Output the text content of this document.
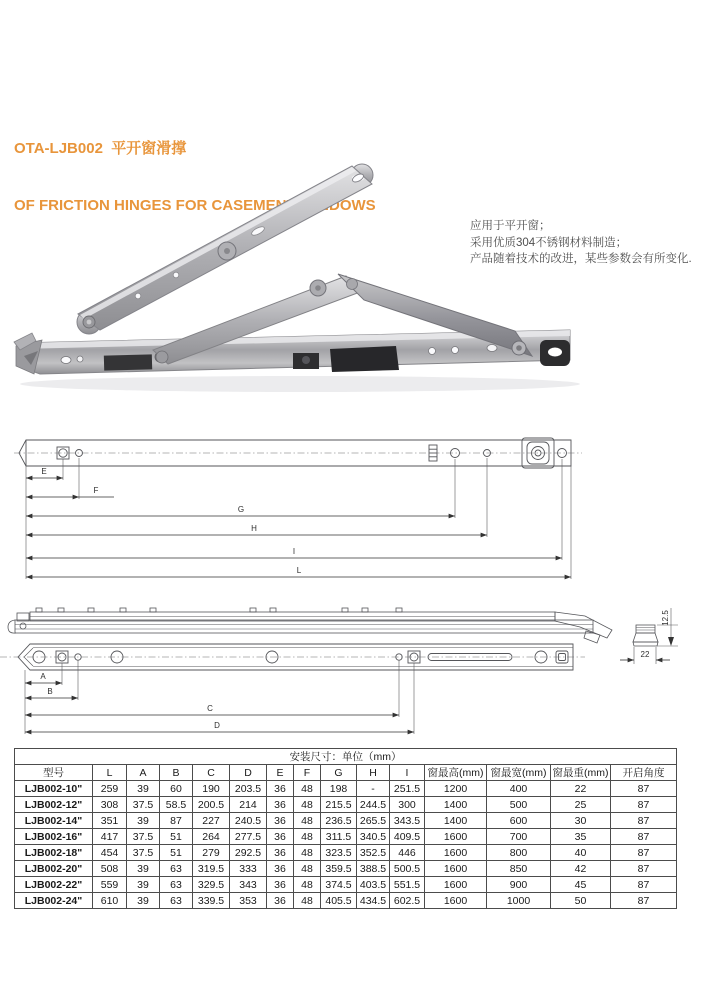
OTA-LJB002  平开窗滑撑

OF FRICTION HINGES FOR CASEMENT WINDOWS

应用于平开窗；
采用优质304不锈钢材料制造；
产品随着技术的改进，某些参数会有所变化.
E
F
G
H
I
L
A
B
C
D
12.5
22
安装尺寸：单位（mm）														
型号	L	A	B	C	D	E	F	G	H	I	窗最高(mm)	窗最宽(mm)	窗最重(mm)	开启角度
LJB002-10"	259	39	60	190	203.5	36	48	198	-	251.5	1200	400	22	87
LJB002-12"	308	37.5	58.5	200.5	214	36	48	215.5	244.5	300	1400	500	25	87
LJB002-14"	351	39	87	227	240.5	36	48	236.5	265.5	343.5	1400	600	30	87
LJB002-16"	417	37.5	51	264	277.5	36	48	311.5	340.5	409.5	1600	700	35	87
LJB002-18"	454	37.5	51	279	292.5	36	48	323.5	352.5	446	1600	800	40	87
LJB002-20"	508	39	63	319.5	333	36	48	359.5	388.5	500.5	1600	850	42	87
LJB002-22"	559	39	63	329.5	343	36	48	374.5	403.5	551.5	1600	900	45	87
LJB002-24"	610	39	63	339.5	353	36	48	405.5	434.5	602.5	1600	1000	50	87
